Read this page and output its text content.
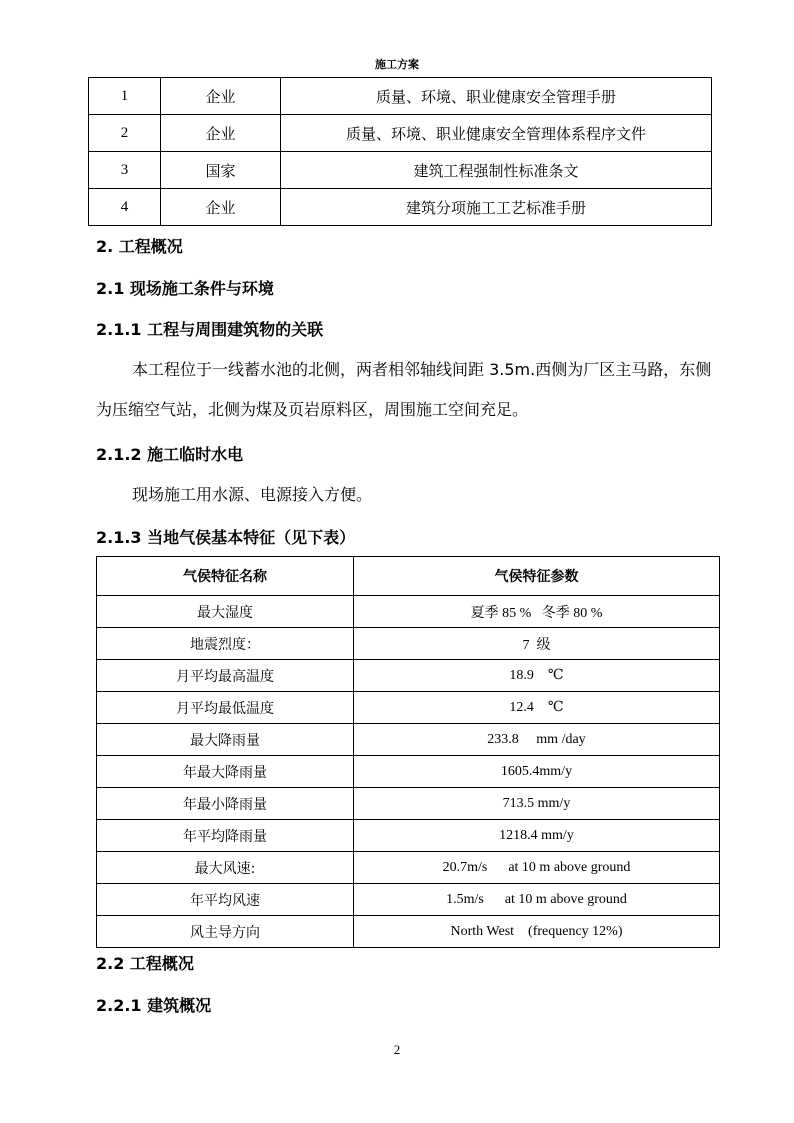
施工方案
1	企业	质量、环境、职业健康安全管理手册
2	企业	质量、环境、职业健康安全管理体系程序文件
3	国家	建筑工程强制性标准条文
4	企业	建筑分项施工工艺标准手册
2. 工程概况
2.1 现场施工条件与环境
2.1.1 工程与周围建筑物的关联

本工程位于一线蓄水池的北侧，两者相邻轴线间距 3.5m.西侧为厂区主马路，东侧为压缩空气站，北侧为煤及页岩原料区，周围施工空间充足。

2.1.2 施工临时水电

现场施工用水源、电源接入方便。

2.1.3 当地气侯基本特征（见下表）
气侯特征名称	气侯特征参数
最大湿度	夏季 85 %   冬季 80 %
地震烈度：	7  级
月平均最高温度	18.9    ℃
月平均最低温度	12.4    ℃
最大降雨量	233.8     mm /day
年最大降雨量	1605.4mm/y
年最小降雨量	713.5 mm/y
年平均降雨量	1218.4 mm/y
最大风速:	20.7m/s      at 10 m above ground
年平均风速	1.5m/s      at 10 m above ground
风主导方向	North West    (frequency 12%)
2.2 工程概况
2.2.1 建筑概况
2
